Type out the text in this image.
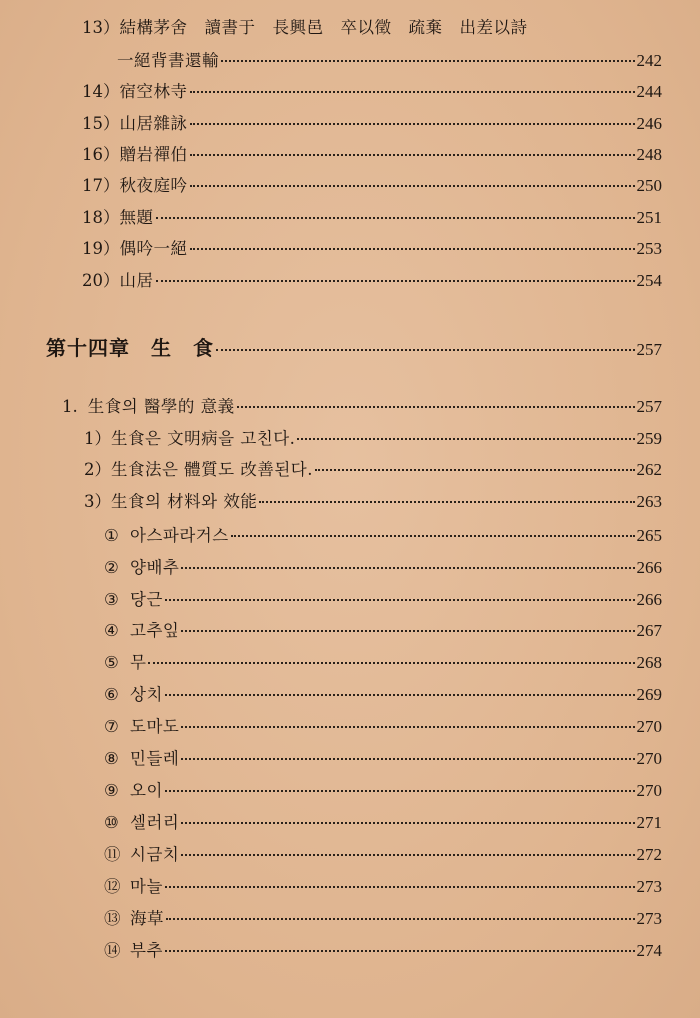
13） 結構茅舍　讀書于　長興邑　卒以徵　疏棄　出差以詩
一絕背書還輸	242
14） 宿空林寺	244
15） 山居雜詠	246
16） 贈岩禪伯	248
17） 秋夜庭吟	250
18） 無題	251
19） 偶吟一絕	253
20） 山居	254
第十四章　生　食	257
1. 生食의 醫學的 意義	257
1） 生食은 文明病을 고친다.	259
2） 生食法은 體質도 改善된다.	262
3） 生食의 材料와 效能	263
① 아스파라거스	265
② 양배추	266
③ 당근	266
④ 고추잎	267
⑤ 무	268
⑥ 상치	269
⑦ 도마도	270
⑧ 민들레	270
⑨ 오이	270
⑩ 셀러리	271
⑪ 시금치	272
⑫ 마늘	273
⑬ 海草	273
⑭ 부추	274
